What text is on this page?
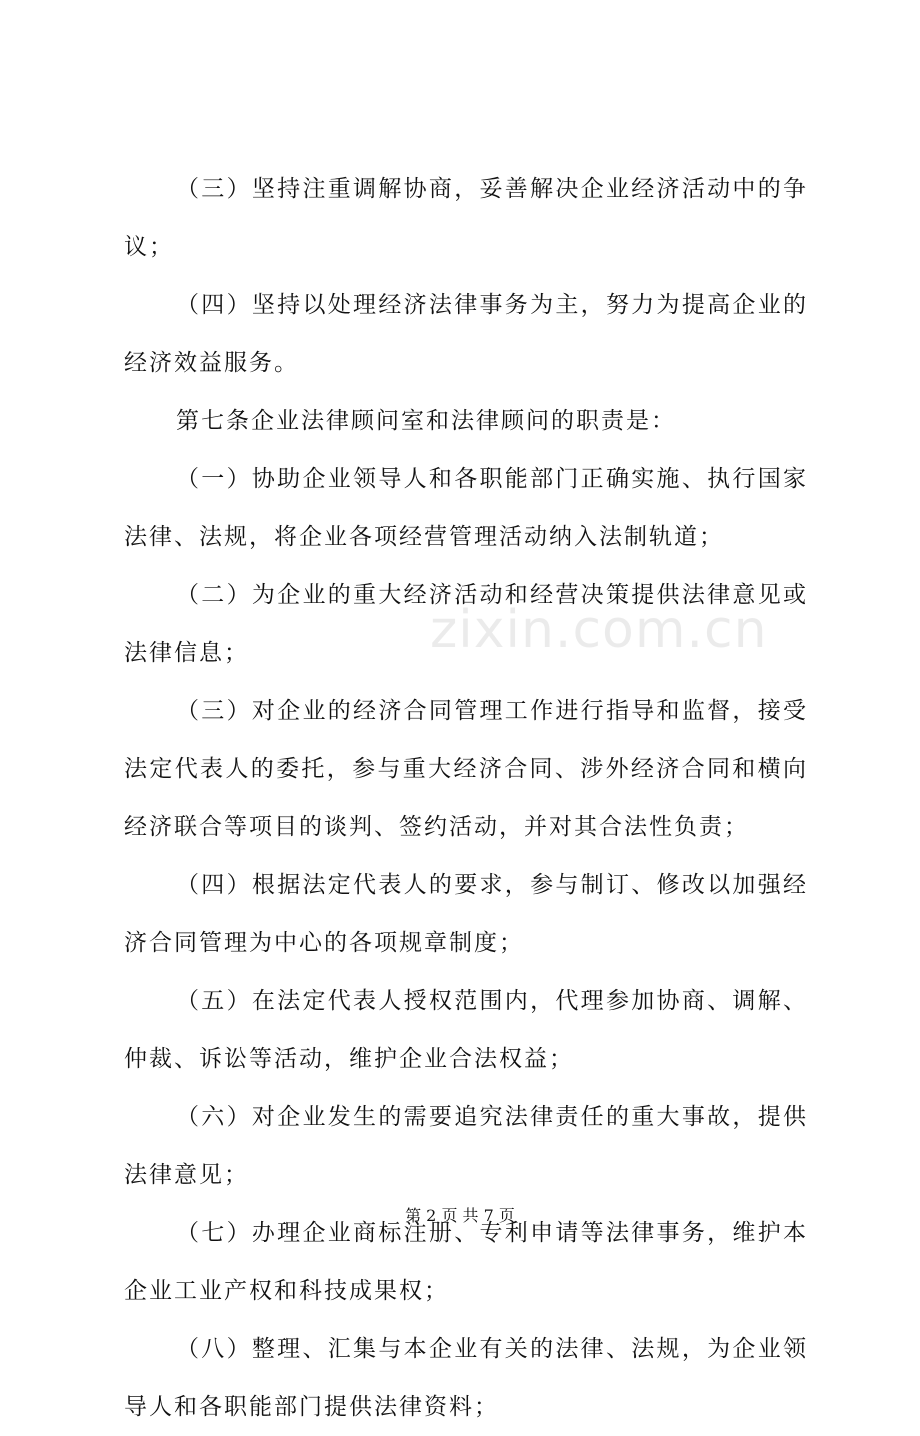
（三）坚持注重调解协商，妥善解决企业经济活动中的争议；

（四）坚持以处理经济法律事务为主，努力为提高企业的经济效益服务。

第七条企业法律顾问室和法律顾问的职责是：

（一）协助企业领导人和各职能部门正确实施、执行国家法律、法规，将企业各项经营管理活动纳入法制轨道；

（二）为企业的重大经济活动和经营决策提供法律意见或法律信息；

（三）对企业的经济合同管理工作进行指导和监督，接受法定代表人的委托，参与重大经济合同、涉外经济合同和横向经济联合等项目的谈判、签约活动，并对其合法性负责；

（四）根据法定代表人的要求，参与制订、修改以加强经济合同管理为中心的各项规章制度；

（五）在法定代表人授权范围内，代理参加协商、调解、仲裁、诉讼等活动，维护企业合法权益；

（六）对企业发生的需要追究法律责任的重大事故，提供法律意见；

（七）办理企业商标注册、专利申请等法律事务，维护本企业工业产权和科技成果权；

（八）整理、汇集与本企业有关的法律、法规，为企业领导人和各职能部门提供法律资料；

zixin.com.cn
第 2 页 共 7 页
